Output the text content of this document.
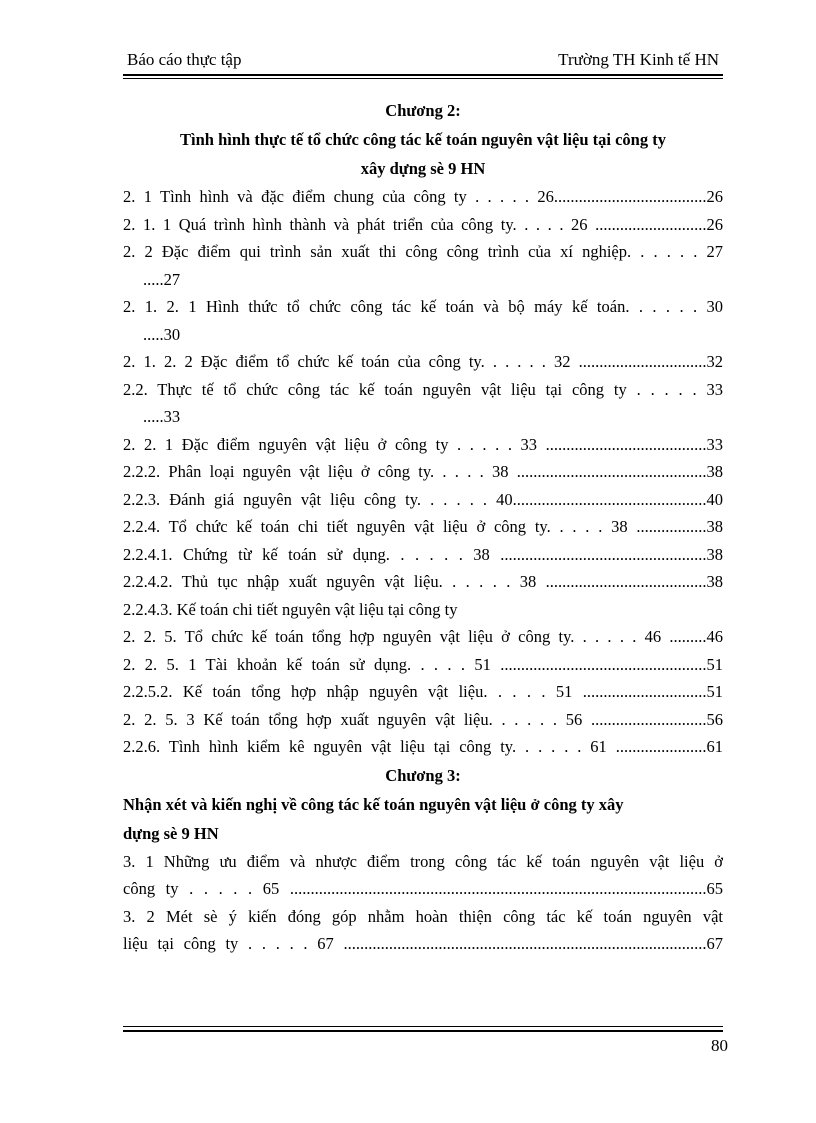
Báo cáo thực tập	Trường TH Kinh tế HN
Chương 2:
Tình hình thực tế tổ chức công tác kế toán nguyên vật liệu tại công ty
xây dựng sè 9 HN
2. 1 Tình hình và đặc điểm chung của công ty . . . . . 26.....................................26
2. 1. 1 Quá trình hình thành và phát triển của công ty. . . . . 26 ...........................26
2. 2 Đặc điểm qui trình sản xuất thi công công trình của xí nghiệp. . . . . . 27
.....27
2. 1. 2. 1 Hình thức tổ chức công tác kế toán và bộ máy kế toán. . . . . . 30
.....30
2. 1. 2. 2 Đặc điểm tổ chức kế toán của công ty. . . . . . 32 ...............................32
2.2. Thực tế tổ chức công tác kế toán nguyên vật liệu tại công ty . . . . . 33
.....33
2. 2. 1 Đặc điểm nguyên vật liệu ở công ty . . . . . 33 .......................................33
2.2.2. Phân loại nguyên vật liệu ở công ty. . . . . 38 ..............................................38
2.2.3. Đánh giá nguyên vật liệu công ty. . . . . . 40...............................................40
2.2.4. Tổ chức kế toán chi tiết nguyên vật liệu ở công ty. . . . . 38 .................38
2.2.4.1. Chứng từ kế toán sử dụng. . . . . . 38 ..................................................38
2.2.4.2. Thủ tục nhập xuất nguyên vật liệu. . . . . . 38 .......................................38
2.2.4.3. Kế toán chi tiết nguyên vật liệu tại công ty
2. 2. 5. Tổ chức kế toán tổng hợp nguyên vật liệu ở công ty. . . . . . 46 .........46
2. 2. 5. 1 Tài khoản kế toán sử dụng. . . . . 51 ..................................................51
2.2.5.2. Kế toán tổng hợp nhập nguyên vật liệu. . . . . 51 ..............................51
2. 2. 5. 3 Kế toán tổng hợp xuất nguyên vật liệu. . . . . . 56 ............................56
2.2.6. Tình hình kiểm kê nguyên vật liệu tại công ty. . . . . . 61 ......................61
Chương 3:
Nhận xét và kiến nghị về công tác kế toán nguyên vật liệu ở công ty xây
dựng sè 9 HN
3. 1 Những ưu điểm và nhược điểm trong công tác kế toán nguyên vật liệu ở
công ty . . . . . 65 .....................................................................................................65
3. 2 Mét sè ý kiến đóng góp nhằm hoàn thiện công tác kế toán nguyên vật
liệu tại công ty . . . . . 67 ........................................................................................67
80
